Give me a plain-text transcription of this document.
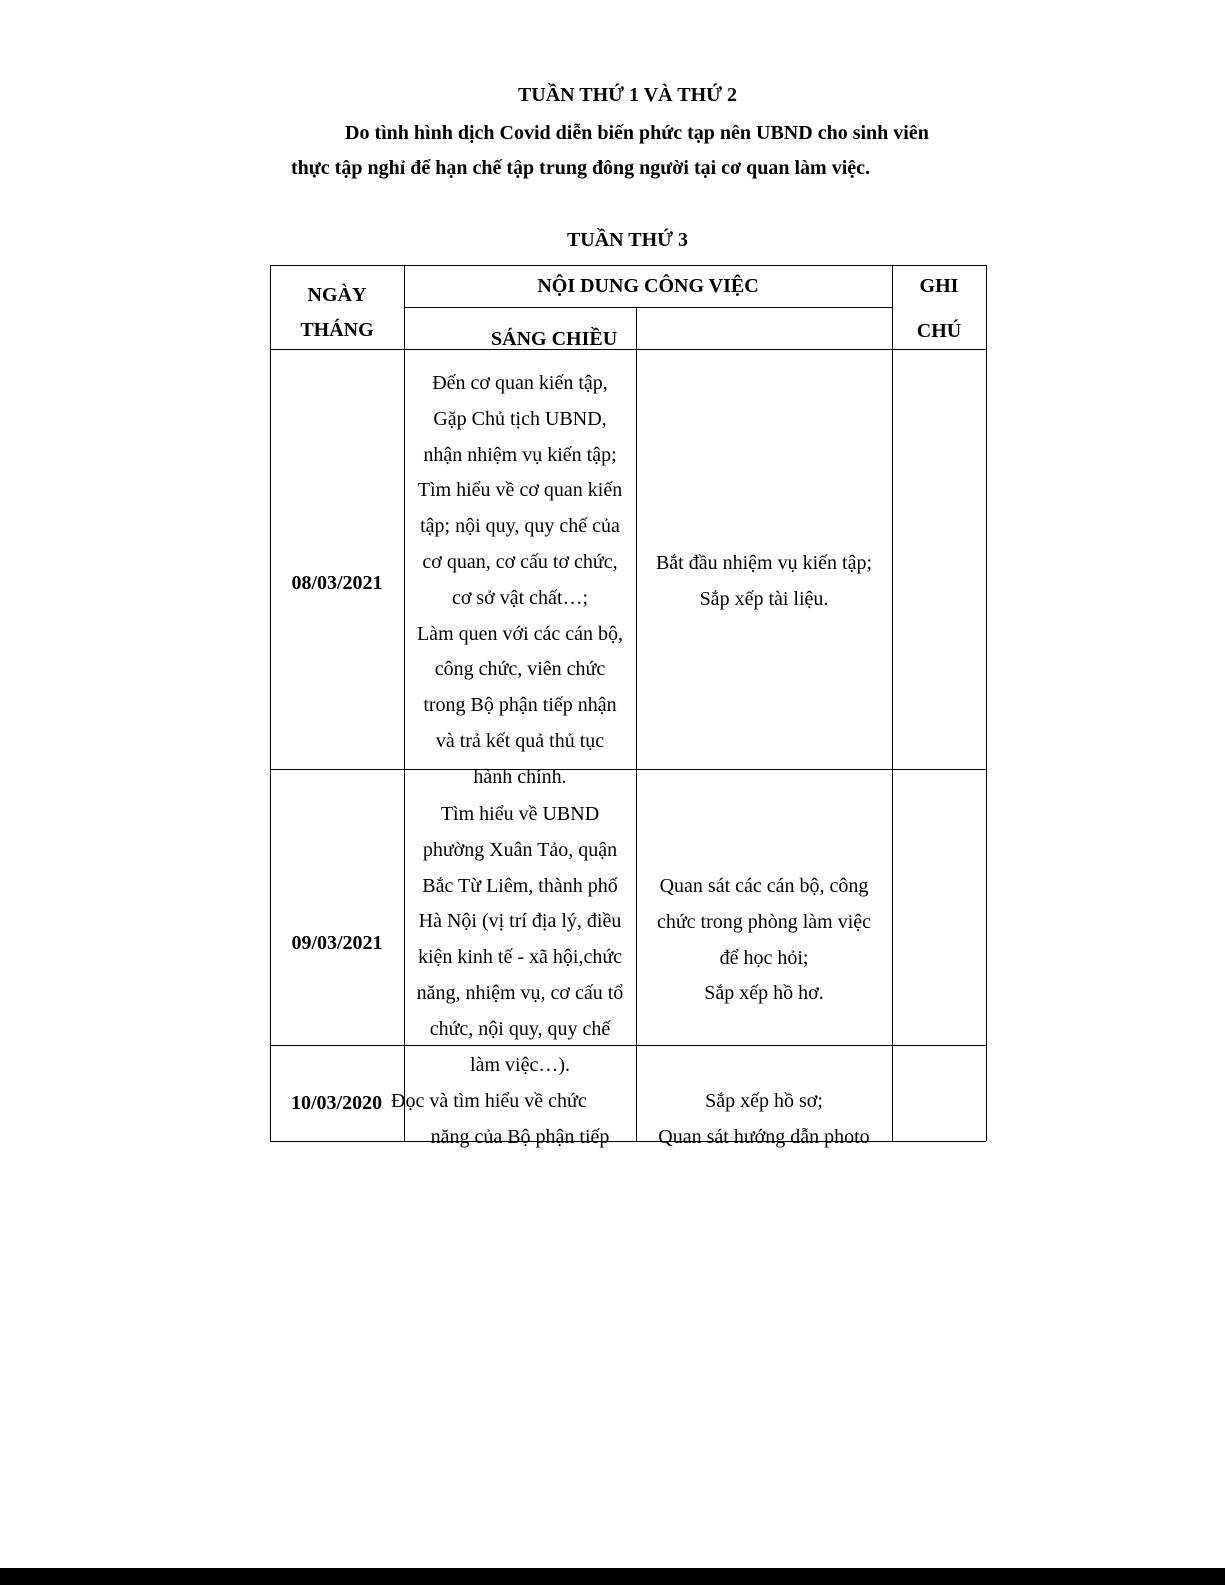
TUẦN THỨ 1 VÀ THỨ 2
Do tình hình dịch Covid diễn biến phức tạp nên UBND cho sinh viên
thực tập nghỉ để hạn chế tập trung đông người tại cơ quan làm việc.
TUẦN THỨ 3
NGÀY
THÁNG
NỘI DUNG CÔNG VIỆC
SÁNG CHIỀU
GHI
CHÚ
08/03/2021
Đến cơ quan kiến tập,
Gặp Chủ tịch UBND,
nhận nhiệm vụ kiến tập;
Tìm hiểu về cơ quan kiến
tập; nội quy, quy chế của
cơ quan, cơ cấu tơ chức,
cơ sở vật chất…;
Làm quen với các cán bộ,
công chức, viên chức
trong Bộ phận tiếp nhận
và trả kết quả thủ tục
hành chính.
Bắt đầu nhiệm vụ kiến tập;
Sắp xếp tài liệu.
09/03/2021
Tìm hiểu về UBND
phường Xuân Tảo, quận
Bắc Từ Liêm, thành phố
Hà Nội (vị trí địa lý, điều
kiện kinh tế - xã hội,chức
năng, nhiệm vụ, cơ cấu tổ
chức, nội quy, quy chế
làm việc…).
Quan sát các cán bộ, công
chức trong phòng làm việc
để học hỏi;
Sắp xếp hồ hơ.
10/03/2020 Đọc và tìm hiểu về chức
năng của Bộ phận tiếp
Sắp xếp hồ sơ;
Quan sát hướng dẫn photo
